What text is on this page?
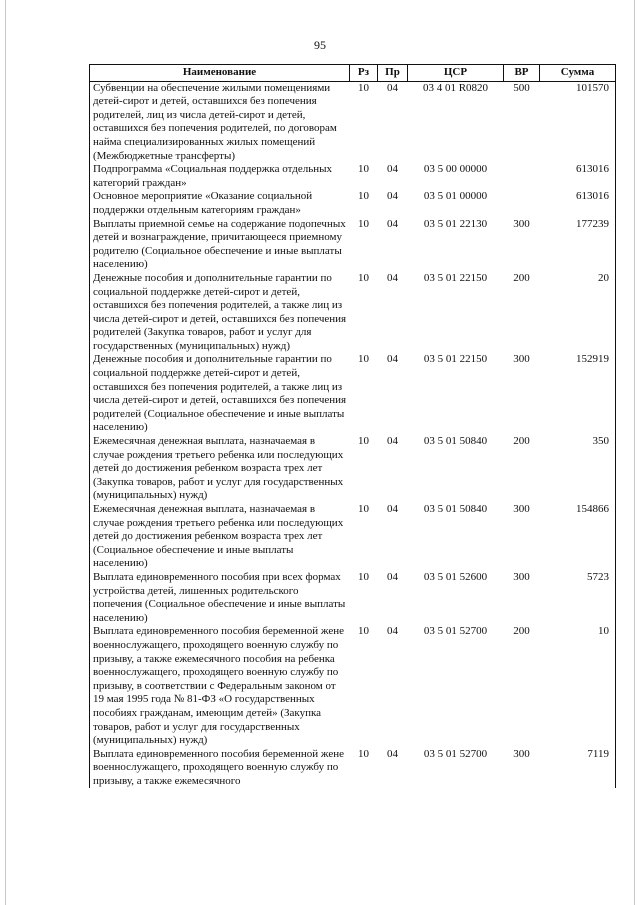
95
Наименование	Рз	Пр	ЦСР	ВР	Сумма
Субвенции на обеспечение жилыми помещениями детей-сирот и детей, оставшихся без попечения родителей, лиц из числа детей-сирот и детей, оставшихся без попечения родителей, по договорам найма специализированных жилых помещений (Межбюджетные трансферты)	10	04	03 4 01 R0820	500	101570
Подпрограмма «Социальная поддержка отдельных категорий граждан»	10	04	03 5 00 00000		613016
Основное мероприятие «Оказание социальной поддержки отдельным категориям граждан»	10	04	03 5 01 00000		613016
Выплаты приемной семье на содержание подопечных детей и вознаграждение, причитающееся приемному родителю (Социальное обеспечение и иные выплаты населению)	10	04	03 5 01 22130	300	177239
Денежные пособия и дополнительные гарантии по социальной поддержке детей-сирот и детей, оставшихся без попечения родителей, а также лиц из числа детей-сирот и детей, оставшихся без попечения родителей (Закупка товаров, работ и услуг для государственных (муниципальных) нужд)	10	04	03 5 01 22150	200	20
Денежные пособия и дополнительные гарантии по социальной поддержке детей-сирот и детей, оставшихся без попечения родителей, а также лиц из числа детей-сирот и детей, оставшихся без попечения родителей (Социальное обеспечение и иные выплаты населению)	10	04	03 5 01 22150	300	152919
Ежемесячная денежная выплата, назначаемая в случае рождения третьего ребенка или последующих детей до достижения ребенком возраста трех лет (Закупка товаров, работ и услуг для государственных (муниципальных) нужд)	10	04	03 5 01 50840	200	350
Ежемесячная денежная выплата, назначаемая в случае рождения третьего ребенка или последующих детей до достижения ребенком возраста трех лет (Социальное обеспечение и иные выплаты населению)	10	04	03 5 01 50840	300	154866
Выплата единовременного пособия при всех формах устройства детей, лишенных родительского попечения (Социальное обеспечение и иные выплаты населению)	10	04	03 5 01 52600	300	5723
Выплата единовременного пособия беременной жене военнослужащего, проходящего военную службу по призыву, а также ежемесячного пособия на ребенка военнослужащего, проходящего военную службу по призыву, в соответствии с Федеральным законом от 19 мая 1995 года № 81-ФЗ «О государственных пособиях гражданам, имеющим детей» (Закупка товаров, работ и услуг для государственных (муниципальных) нужд)	10	04	03 5 01 52700	200	10
Выплата единовременного пособия беременной жене военнослужащего, проходящего военную службу по призыву, а также ежемесячного	10	04	03 5 01 52700	300	7119
